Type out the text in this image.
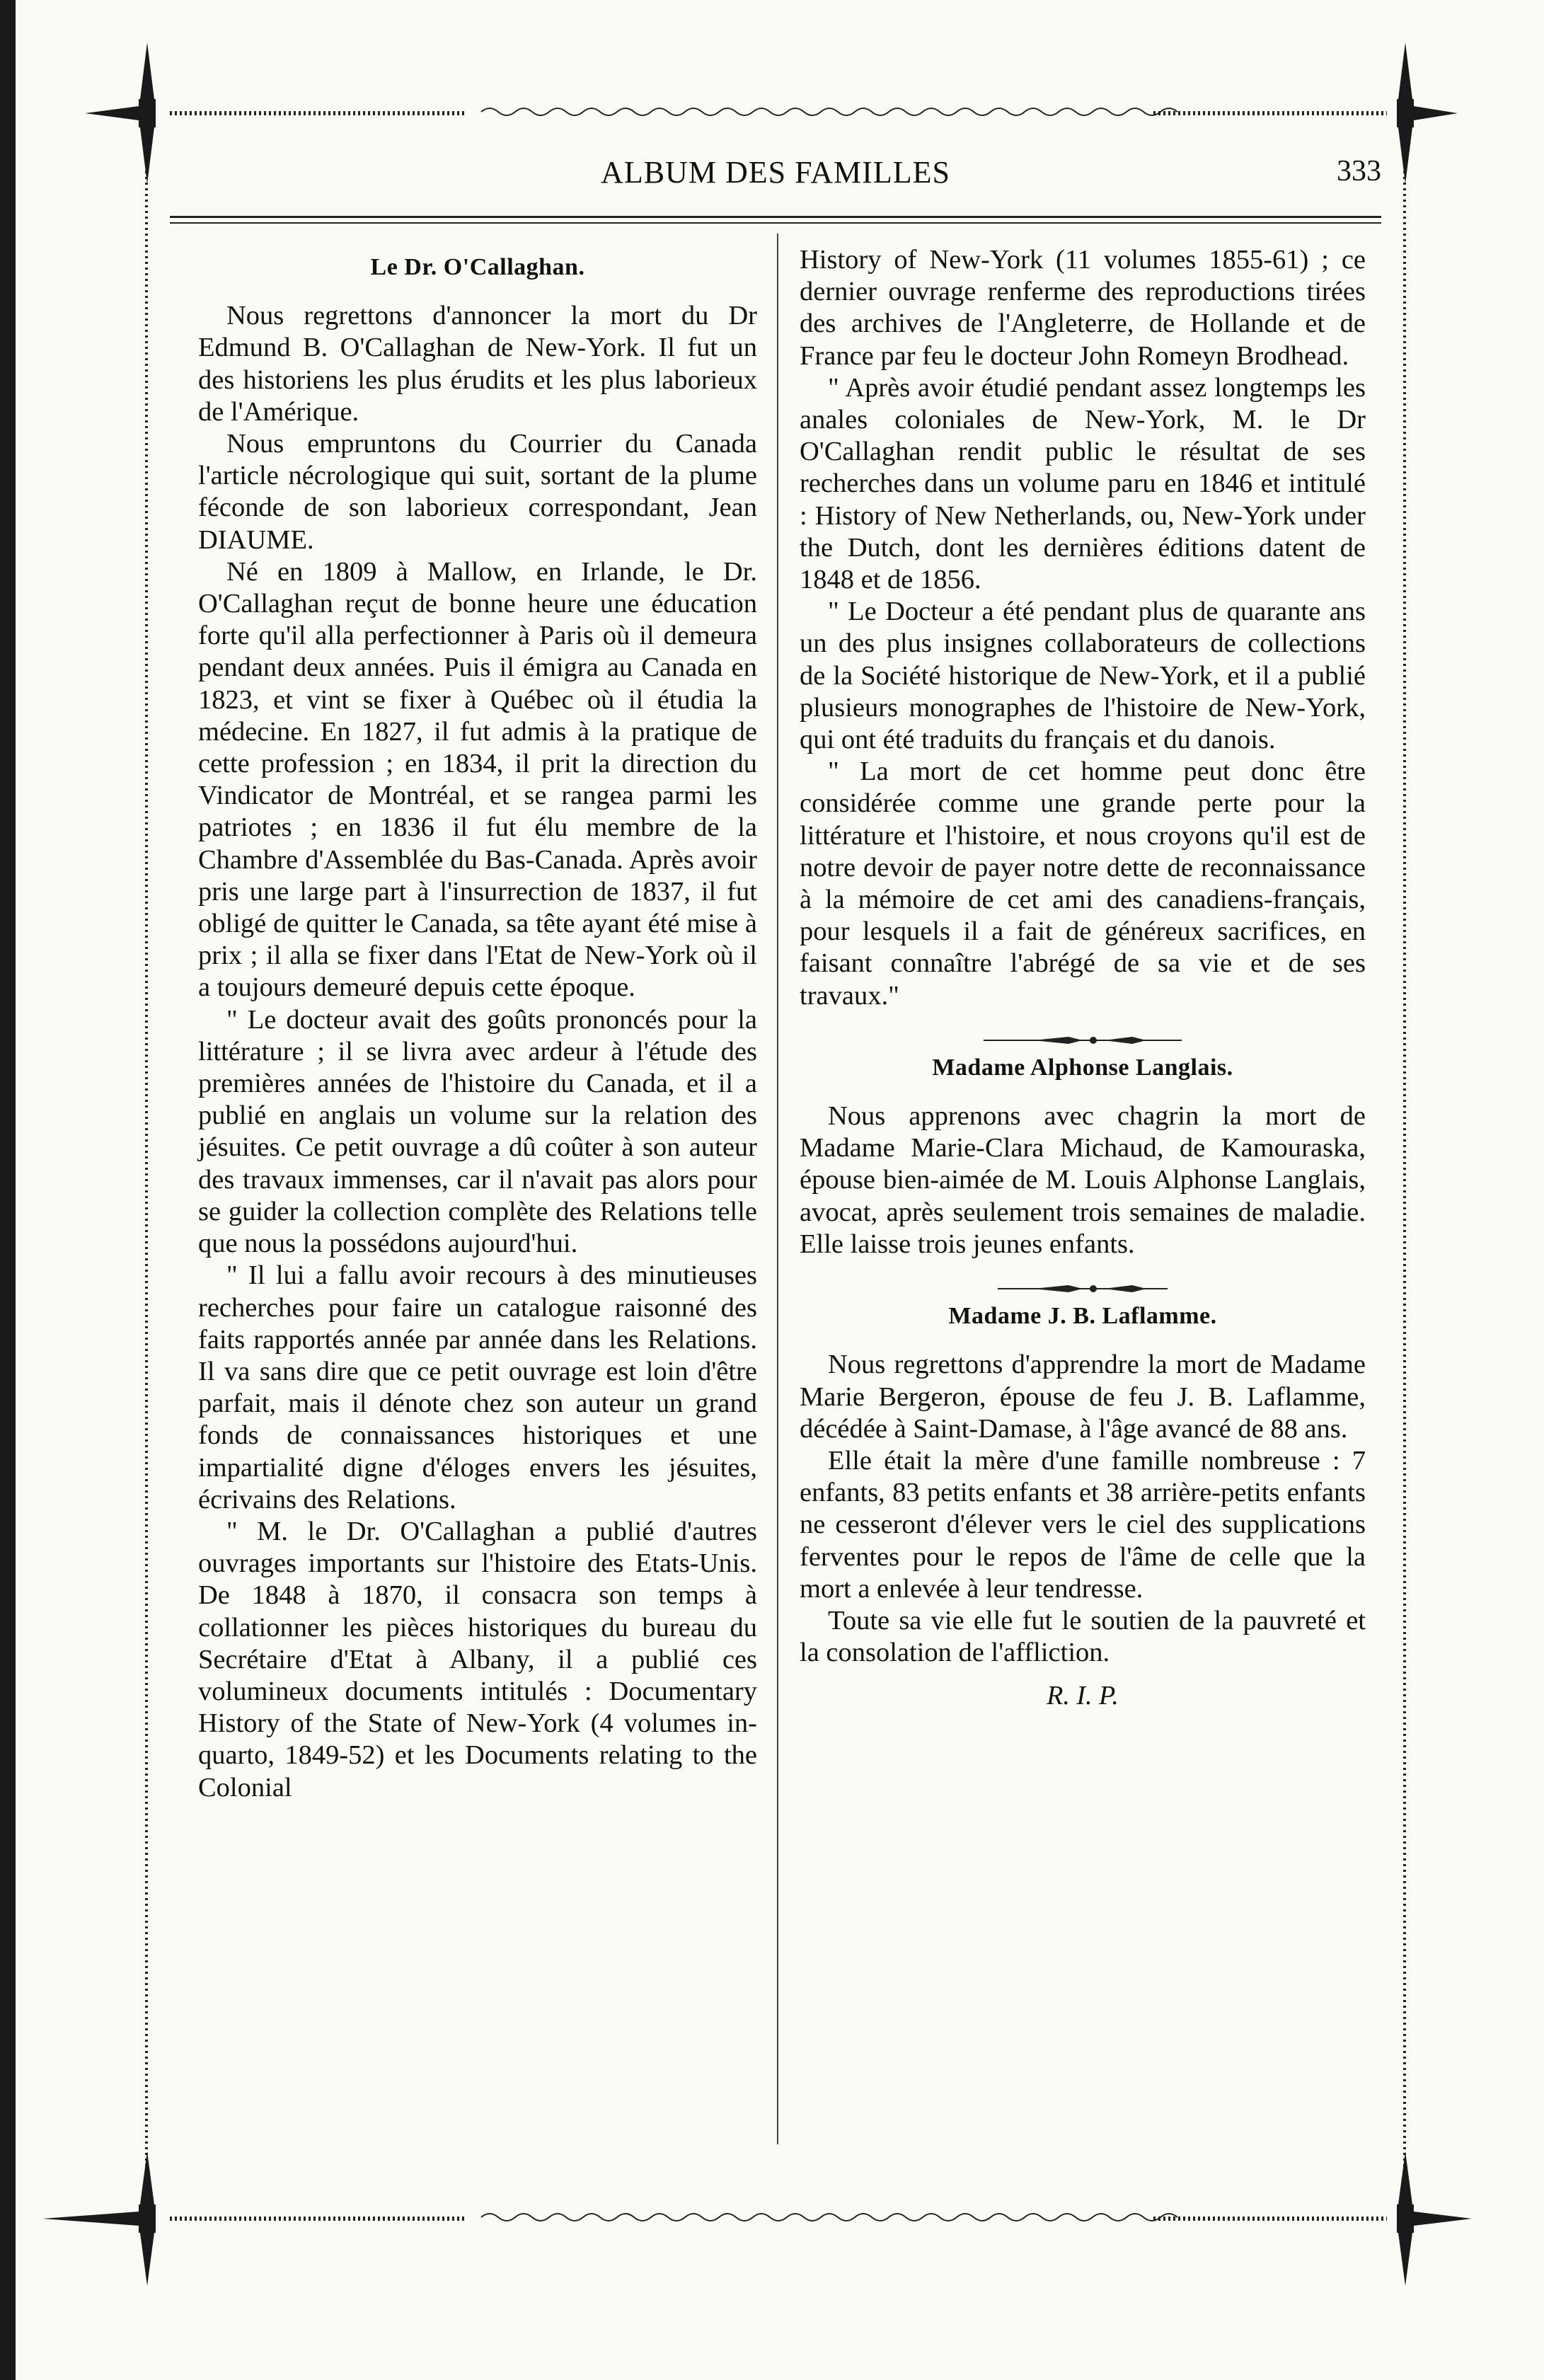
ALBUM DES FAMILLES	333
Le Dr. O'Callaghan.

Nous regrettons d'annoncer la mort du Dr Edmund B. O'Callaghan de New-York. Il fut un des historiens les plus érudits et les plus laborieux de l'Amérique.

Nous empruntons du Courrier du Canada l'article nécrologique qui suit, sortant de la plume féconde de son laborieux correspondant, Jean DIAUME.

Né en 1809 à Mallow, en Irlande, le Dr. O'Callaghan reçut de bonne heure une éducation forte qu'il alla perfectionner à Paris où il demeura pendant deux années. Puis il émigra au Canada en 1823, et vint se fixer à Québec où il étudia la médecine. En 1827, il fut admis à la pratique de cette profession ; en 1834, il prit la direction du Vindicator de Montréal, et se rangea parmi les patriotes ; en 1836 il fut élu membre de la Chambre d'Assemblée du Bas-Canada. Après avoir pris une large part à l'insurrection de 1837, il fut obligé de quitter le Canada, sa tête ayant été mise à prix ; il alla se fixer dans l'Etat de New-York où il a toujours demeuré depuis cette époque.

" Le docteur avait des goûts prononcés pour la littérature ; il se livra avec ardeur à l'étude des premières années de l'histoire du Canada, et il a publié en anglais un volume sur la relation des jésuites. Ce petit ouvrage a dû coûter à son auteur des travaux immenses, car il n'avait pas alors pour se guider la collection complète des Relations telle que nous la possédons aujourd'hui.

" Il lui a fallu avoir recours à des minutieuses recherches pour faire un catalogue raisonné des faits rapportés année par année dans les Relations. Il va sans dire que ce petit ouvrage est loin d'être parfait, mais il dénote chez son auteur un grand fonds de connaissances historiques et une impartialité digne d'éloges envers les jésuites, écrivains des Relations.

" M. le Dr. O'Callaghan a publié d'autres ouvrages importants sur l'histoire des Etats-Unis. De 1848 à 1870, il consacra son temps à collationner les pièces historiques du bureau du Secrétaire d'Etat à Albany, il a publié ces volumineux documents intitulés : Documentary History of the State of New-York (4 volumes in-quarto, 1849-52) et les Documents relating to the Colonial

History of New-York (11 volumes 1855-61) ; ce dernier ouvrage renferme des reproductions tirées des archives de l'Angleterre, de Hollande et de France par feu le docteur John Romeyn Brodhead.

" Après avoir étudié pendant assez longtemps les anales coloniales de New-York, M. le Dr O'Callaghan rendit public le résultat de ses recherches dans un volume paru en 1846 et intitulé : History of New Netherlands, ou, New-York under the Dutch, dont les dernières éditions datent de 1848 et de 1856.

" Le Docteur a été pendant plus de quarante ans un des plus insignes collaborateurs de collections de la Société historique de New-York, et il a publié plusieurs monographes de l'histoire de New-York, qui ont été traduits du français et du danois.

" La mort de cet homme peut donc être considérée comme une grande perte pour la littérature et l'histoire, et nous croyons qu'il est de notre devoir de payer notre dette de reconnaissance à la mémoire de cet ami des canadiens-français, pour lesquels il a fait de généreux sacrifices, en faisant connaître l'abrégé de sa vie et de ses travaux."

Madame Alphonse Langlais.

Nous apprenons avec chagrin la mort de Madame Marie-Clara Michaud, de Kamouraska, épouse bien-aimée de M. Louis Alphonse Langlais, avocat, après seulement trois semaines de maladie. Elle laisse trois jeunes enfants.

Madame J. B. Laflamme.

Nous regrettons d'apprendre la mort de Madame Marie Bergeron, épouse de feu J. B. Laflamme, décédée à Saint-Damase, à l'âge avancé de 88 ans.

Elle était la mère d'une famille nombreuse : 7 enfants, 83 petits enfants et 38 arrière-petits enfants ne cesseront d'élever vers le ciel des supplications ferventes pour le repos de l'âme de celle que la mort a enlevée à leur tendresse.

Toute sa vie elle fut le soutien de la pauvreté et la consolation de l'affliction.

R. I. P.
